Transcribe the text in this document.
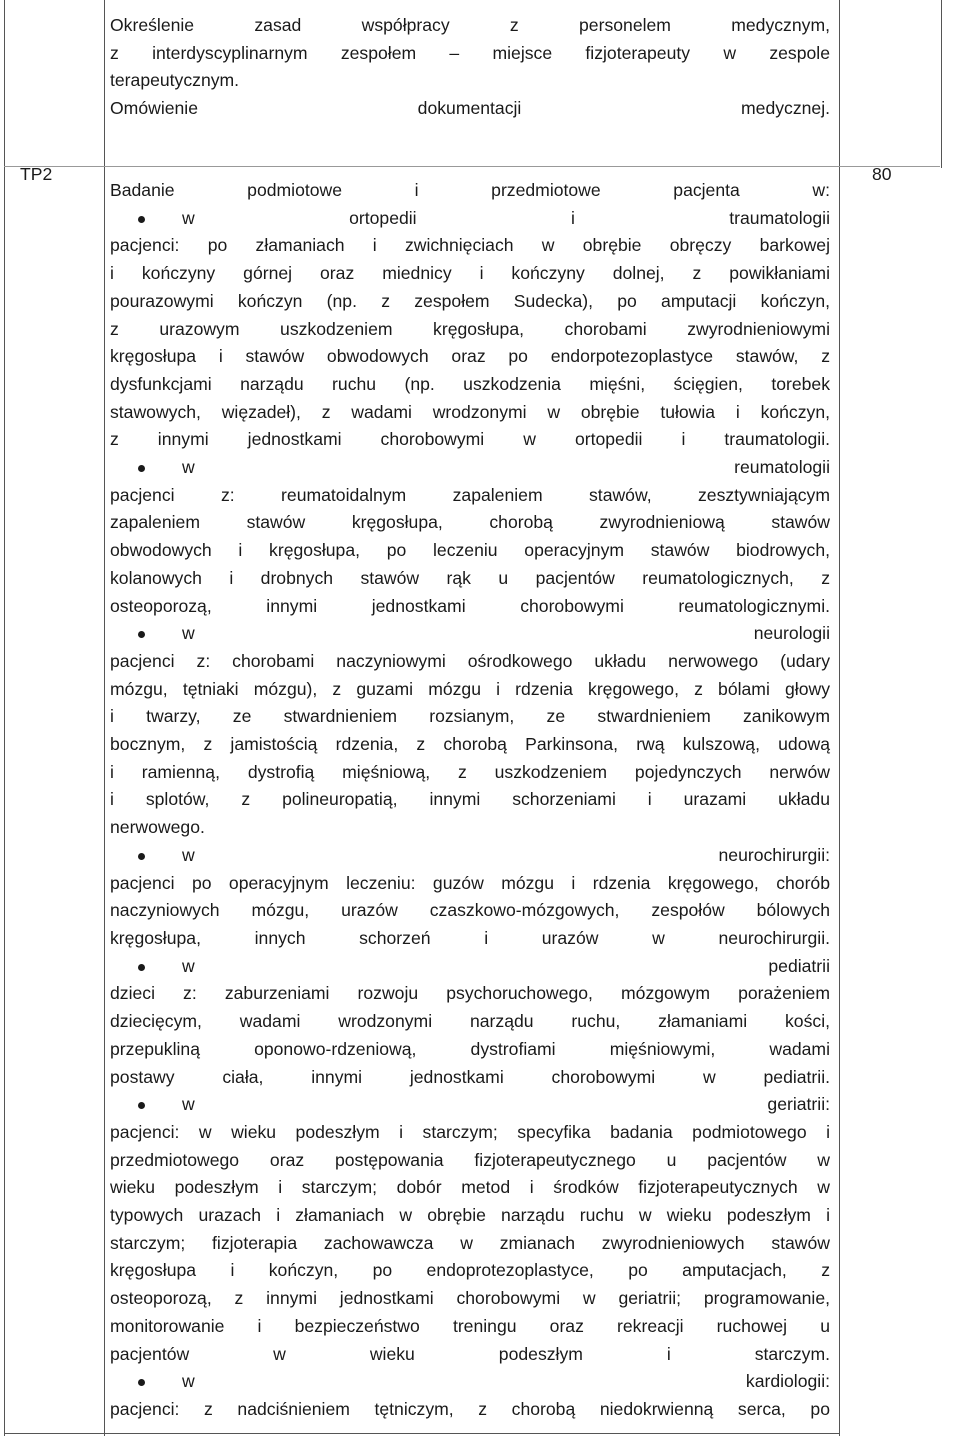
Określenie zasad współpracy z personelem medycznym,
z interdyscyplinarnym zespołem – miejsce fizjoterapeuty w zespole
terapeutycznym.
Omówienie dokumentacji medycznej.
TP2	80
Badanie podmiotowe i przedmiotowe pacjenta w:
w ortopedii i traumatologii
pacjenci: po złamaniach i zwichnięciach w obrębie obręczy barkowej
i kończyny górnej oraz miednicy i kończyny dolnej, z powikłaniami
pourazowymi kończyn (np. z zespołem Sudecka), po amputacji kończyn,
z urazowym uszkodzeniem kręgosłupa, chorobami zwyrodnieniowymi
kręgosłupa i stawów obwodowych oraz po endorpotezoplastyce stawów, z
dysfunkcjami narządu ruchu (np. uszkodzenia mięśni, ścięgien, torebek
stawowych, więzadeł), z wadami wrodzonymi w obrębie tułowia i kończyn,
z innymi jednostkami chorobowymi w ortopedii i traumatologii.
w reumatologii
pacjenci z: reumatoidalnym zapaleniem stawów, zesztywniającym
zapaleniem stawów kręgosłupa, chorobą zwyrodnieniową stawów
obwodowych i kręgosłupa, po leczeniu operacyjnym stawów biodrowych,
kolanowych i drobnych stawów rąk u pacjentów reumatologicznych, z
osteoporozą, innymi jednostkami chorobowymi reumatologicznymi.
w neurologii
pacjenci z: chorobami naczyniowymi ośrodkowego układu nerwowego (udary
mózgu, tętniaki mózgu), z guzami mózgu i rdzenia kręgowego, z bólami głowy
i twarzy, ze stwardnieniem rozsianym, ze stwardnieniem zanikowym
bocznym, z jamistością rdzenia, z chorobą Parkinsona, rwą kulszową, udową
i ramienną, dystrofią mięśniową, z uszkodzeniem pojedynczych nerwów
i splotów, z polineuropatią, innymi schorzeniami i urazami układu
nerwowego.
w neurochirurgii:
pacjenci po operacyjnym leczeniu: guzów mózgu i rdzenia kręgowego, chorób
naczyniowych mózgu, urazów czaszkowo-mózgowych, zespołów bólowych
kręgosłupa, innych schorzeń i urazów w neurochirurgii.
w pediatrii
dzieci z: zaburzeniami rozwoju psychoruchowego, mózgowym porażeniem
dziecięcym, wadami wrodzonymi narządu ruchu, złamaniami kości,
przepukliną oponowo-rdzeniową, dystrofiami mięśniowymi, wadami
postawy ciała, innymi jednostkami chorobowymi w pediatrii.
w geriatrii:
pacjenci: w wieku podeszłym i starczym; specyfika badania podmiotowego i
przedmiotowego oraz postępowania fizjoterapeutycznego u pacjentów w
wieku podeszłym i starczym; dobór metod i środków fizjoterapeutycznych w
typowych urazach i złamaniach w obrębie narządu ruchu w wieku podeszłym i
starczym; fizjoterapia zachowawcza w zmianach zwyrodnieniowych stawów
kręgosłupa i kończyn, po endoprotezoplastyce, po amputacjach, z
osteoporozą, z innymi jednostkami chorobowymi w geriatrii; programowanie,
monitorowanie i bezpieczeństwo treningu oraz rekreacji ruchowej u
pacjentów w wieku podeszłym i starczym.
w kardiologii:
pacjenci: z nadciśnieniem tętniczym, z chorobą niedokrwienną serca, po
